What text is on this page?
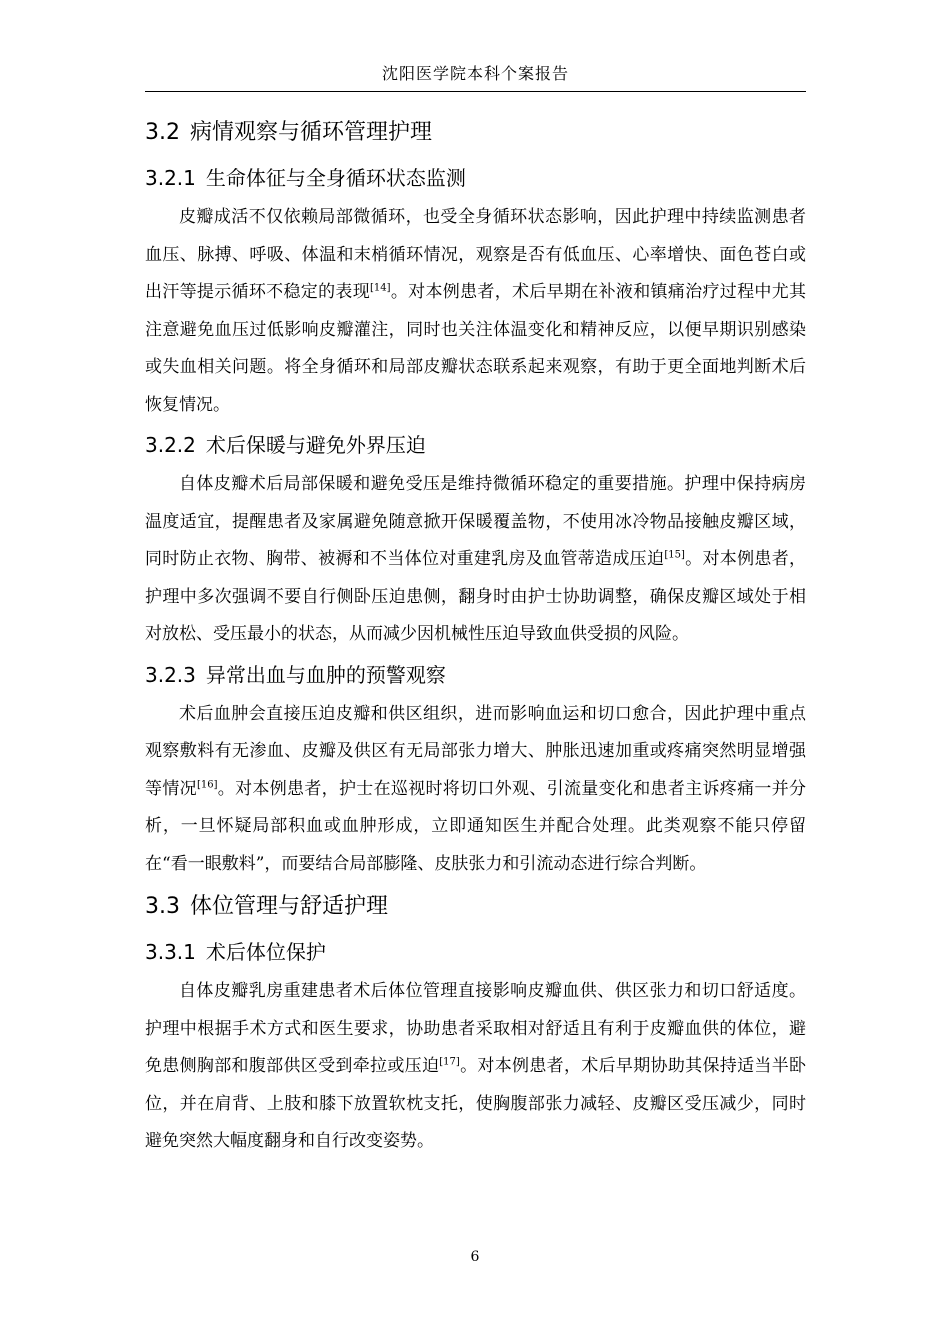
沈阳医学院本科个案报告
3.2 病情观察与循环管理护理
3.2.1 生命体征与全身循环状态监测

皮瓣成活不仅依赖局部微循环，也受全身循环状态影响，因此护理中持续监测患者血压、脉搏、呼吸、体温和末梢循环情况，观察是否有低血压、心率增快、面色苍白或出汗等提示循环不稳定的表现[14]。对本例患者，术后早期在补液和镇痛治疗过程中尤其注意避免血压过低影响皮瓣灌注，同时也关注体温变化和精神反应，以便早期识别感染或失血相关问题。将全身循环和局部皮瓣状态联系起来观察，有助于更全面地判断术后恢复情况。

3.2.2 术后保暖与避免外界压迫

自体皮瓣术后局部保暖和避免受压是维持微循环稳定的重要措施。护理中保持病房温度适宜，提醒患者及家属避免随意掀开保暖覆盖物，不使用冰冷物品接触皮瓣区域，同时防止衣物、胸带、被褥和不当体位对重建乳房及血管蒂造成压迫[15]。对本例患者，护理中多次强调不要自行侧卧压迫患侧，翻身时由护士协助调整，确保皮瓣区域处于相对放松、受压最小的状态，从而减少因机械性压迫导致血供受损的风险。

3.2.3 异常出血与血肿的预警观察

术后血肿会直接压迫皮瓣和供区组织，进而影响血运和切口愈合，因此护理中重点观察敷料有无渗血、皮瓣及供区有无局部张力增大、肿胀迅速加重或疼痛突然明显增强等情况[16]。对本例患者，护士在巡视时将切口外观、引流量变化和患者主诉疼痛一并分析，一旦怀疑局部积血或血肿形成，立即通知医生并配合处理。此类观察不能只停留在“看一眼敷料”，而要结合局部膨隆、皮肤张力和引流动态进行综合判断。

3.3 体位管理与舒适护理
3.3.1 术后体位保护

自体皮瓣乳房重建患者术后体位管理直接影响皮瓣血供、供区张力和切口舒适度。护理中根据手术方式和医生要求，协助患者采取相对舒适且有利于皮瓣血供的体位，避免患侧胸部和腹部供区受到牵拉或压迫[17]。对本例患者，术后早期协助其保持适当半卧位，并在肩背、上肢和膝下放置软枕支托，使胸腹部张力减轻、皮瓣区受压减少，同时避免突然大幅度翻身和自行改变姿势。

6
